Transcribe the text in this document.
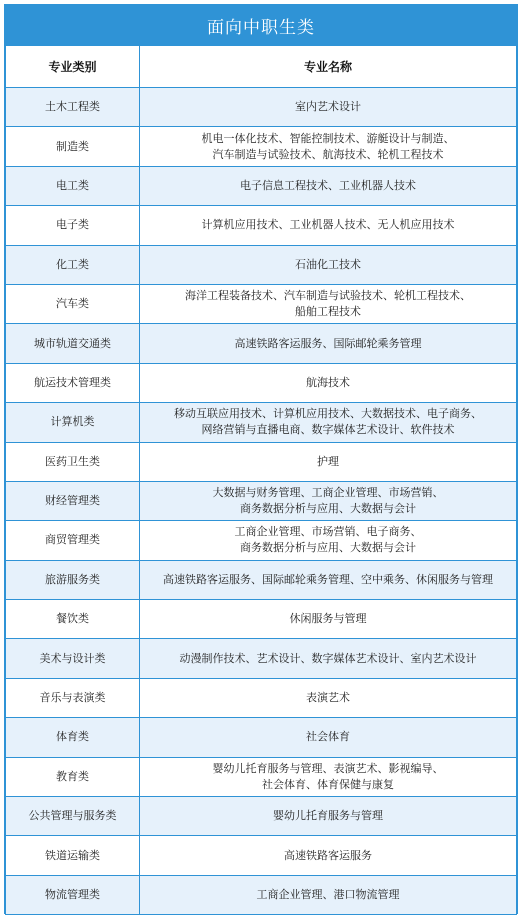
面向中职生类
专业类别	专业名称
土木工程类	室内艺术设计

制造类	机电一体化技术、智能控制技术、游艇设计与制造、
汽车制造与试验技术、航海技术、轮机工程技术

电工类	电子信息工程技术、工业机器人技术

电子类	计算机应用技术、工业机器人技术、无人机应用技术

化工类	石油化工技术

汽车类	海洋工程装备技术、汽车制造与试验技术、轮机工程技术、
船舶工程技术

城市轨道交通类	高速铁路客运服务、国际邮轮乘务管理

航运技术管理类	航海技术

计算机类	移动互联应用技术、计算机应用技术、大数据技术、电子商务、
网络营销与直播电商、数字媒体艺术设计、软件技术

医药卫生类	护理

财经管理类	大数据与财务管理、工商企业管理、市场营销、
商务数据分析与应用、大数据与会计

商贸管理类	工商企业管理、市场营销、电子商务、
商务数据分析与应用、大数据与会计

旅游服务类	高速铁路客运服务、国际邮轮乘务管理、空中乘务、休闲服务与管理

餐饮类	休闲服务与管理

美术与设计类	动漫制作技术、艺术设计、数字媒体艺术设计、室内艺术设计

音乐与表演类	表演艺术

体育类	社会体育

教育类	婴幼儿托育服务与管理、表演艺术、影视编导、
社会体育、体育保健与康复

公共管理与服务类	婴幼儿托育服务与管理

铁道运输类	高速铁路客运服务

物流管理类	工商企业管理、港口物流管理
